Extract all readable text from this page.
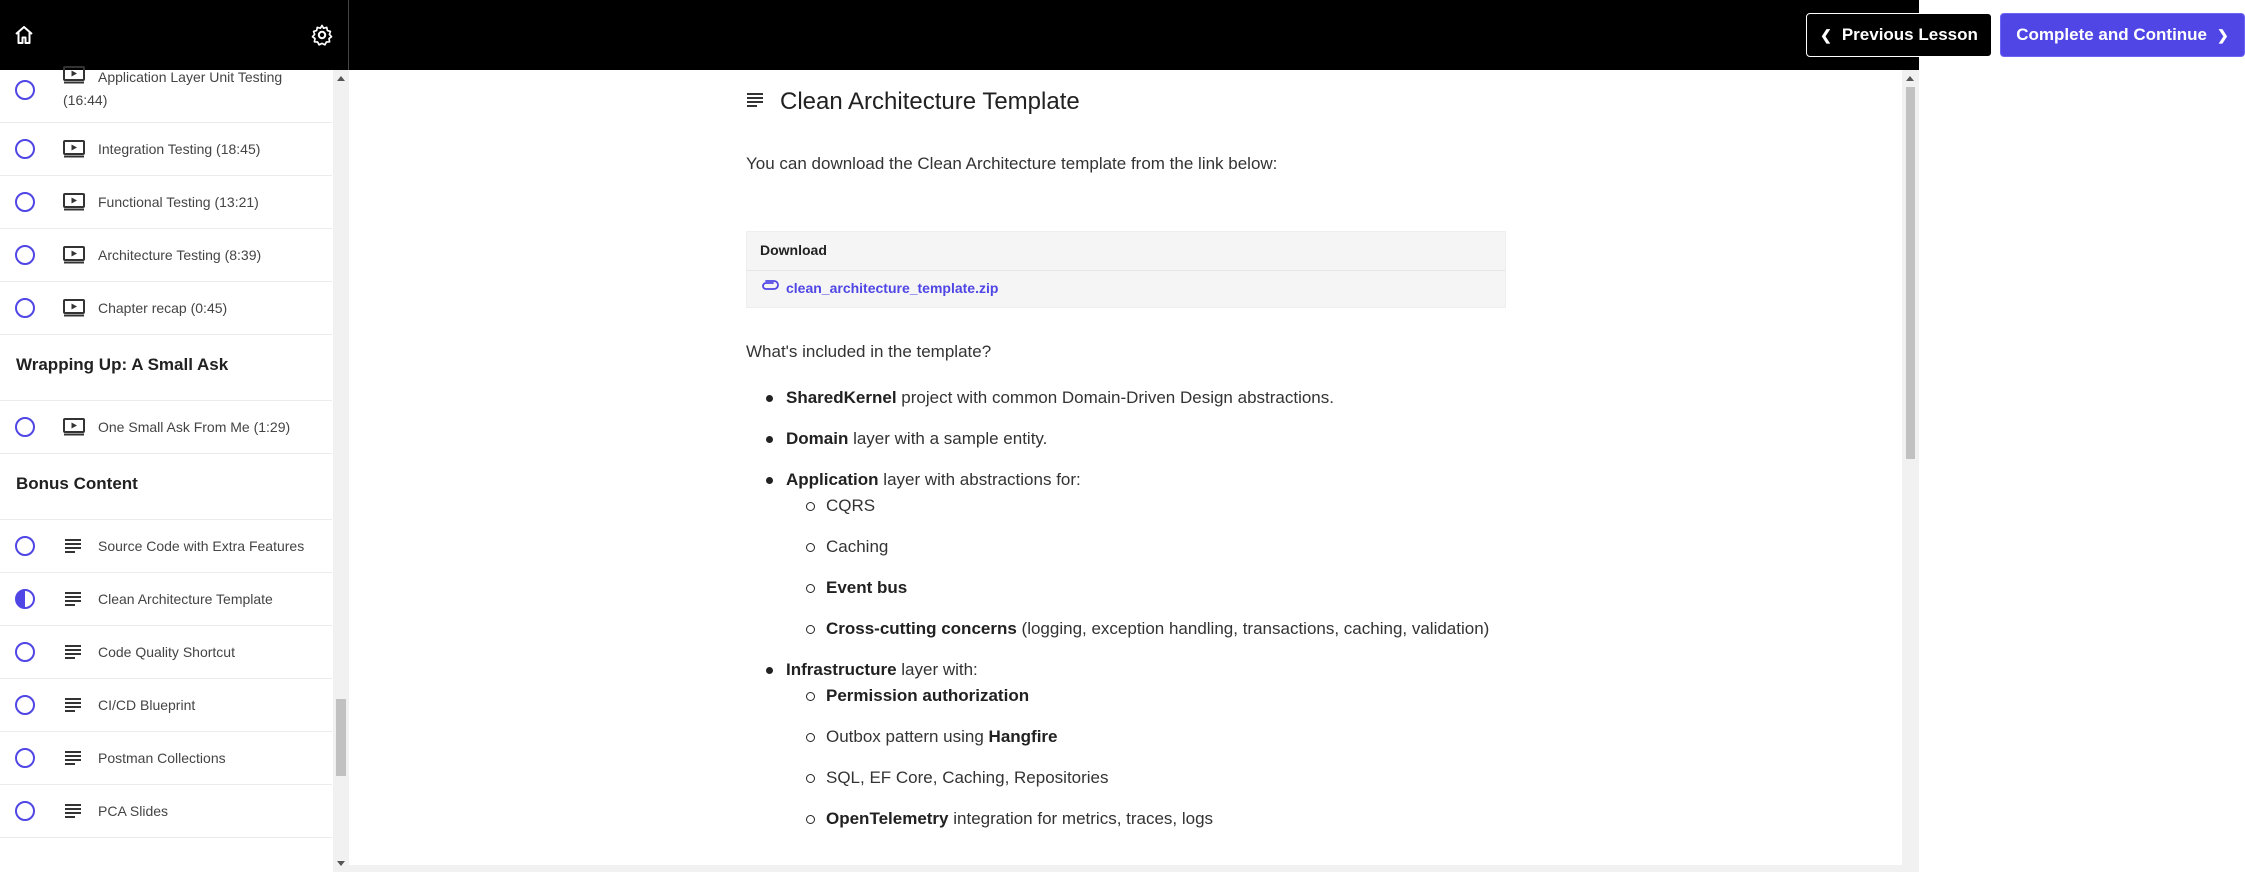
Application Layer Unit Testing (16:44)
Integration Testing (18:45)
Functional Testing (13:21)
Architecture Testing (8:39)
Chapter recap (0:45)
Wrapping Up: A Small Ask
One Small Ask From Me (1:29)
Bonus Content
Source Code with Extra Features
Clean Architecture Template
Code Quality Shortcut
CI/CD Blueprint
Postman Collections
PCA Slides
❮ Previous Lesson Complete and Continue ❯
Clean Architecture Template
You can download the Clean Architecture template from the link below:
Download
clean_architecture_template.zip
What's included in the template?
SharedKernel project with common Domain-Driven Design abstractions.
Domain layer with a sample entity.
Application layer with abstractions for:
CQRS
Caching
Event bus
Cross-cutting concerns (logging, exception handling, transactions, caching, validation)
Infrastructure layer with:
Permission authorization
Outbox pattern using Hangfire
SQL, EF Core, Caching, Repositories
OpenTelemetry integration for metrics, traces, logs
